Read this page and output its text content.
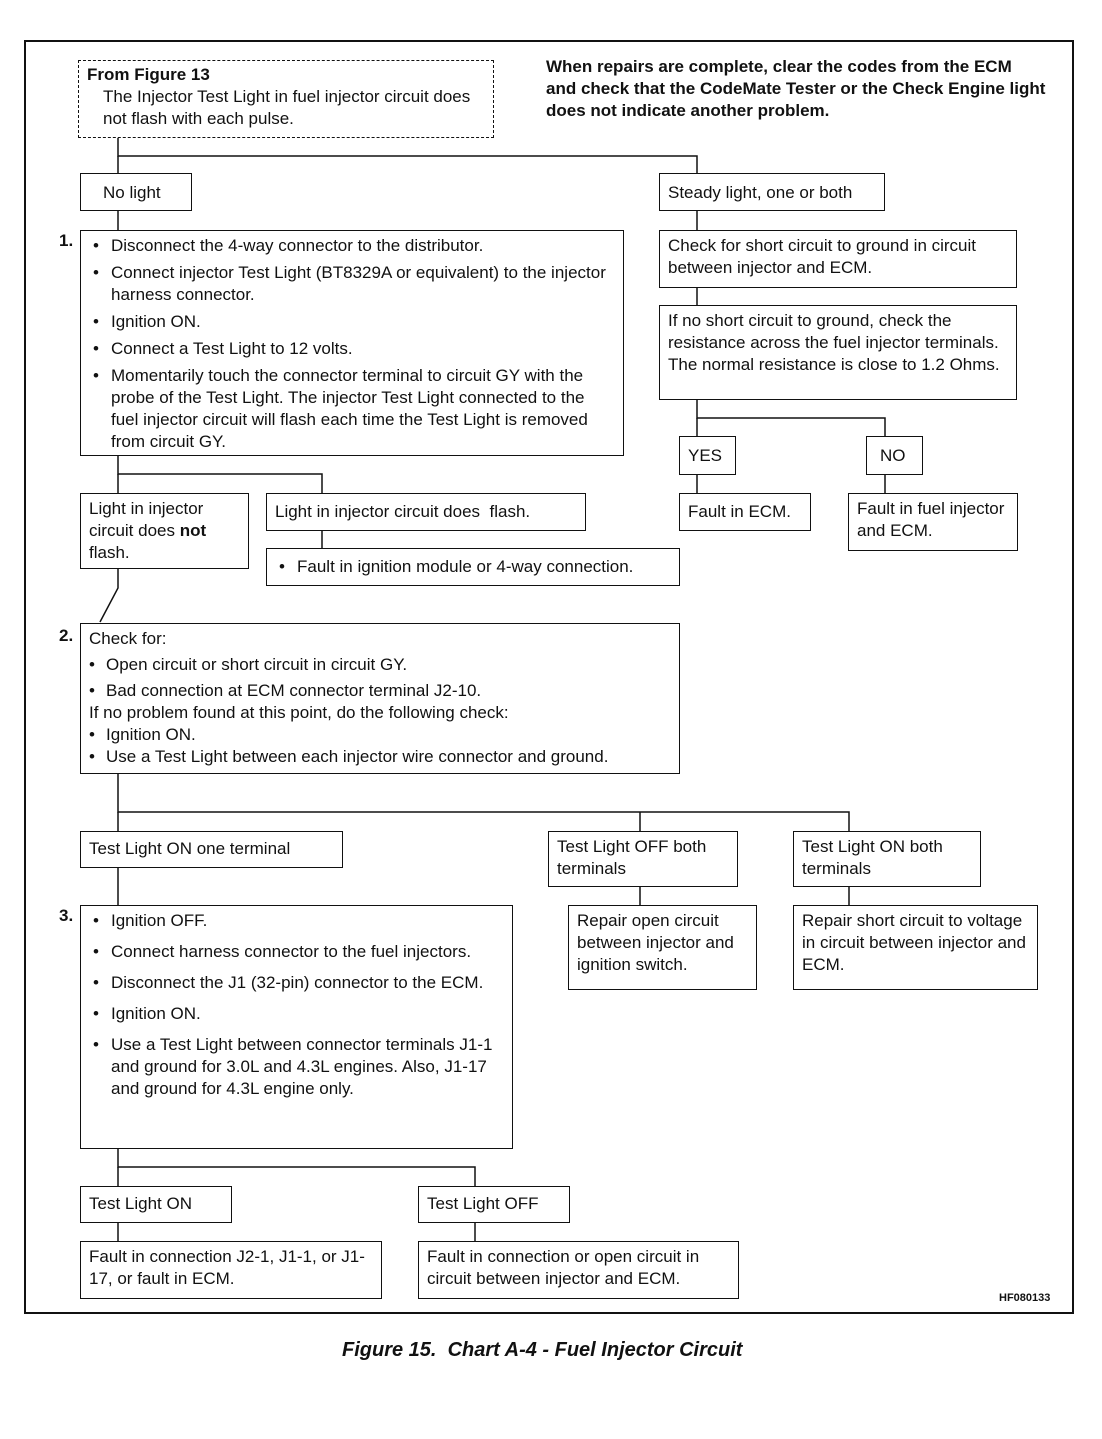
From Figure 13
The Injector Test Light in fuel injector circuit does not flash with each pulse.
When repairs are complete, clear the codes from the ECM and check that the CodeMate Tester or the Check Engine light does not indicate another problem.
No light	Steady light, one or both
1.	• Disconnect the 4-way connector to the distributor.
• Connect injector Test Light (BT8329A or equivalent) to the injector harness connector.
• Ignition ON.
• Connect a Test Light to 12 volts.
• Momentarily touch the connector terminal to circuit GY with the probe of the Test Light. The injector Test Light connected to the fuel injector circuit will flash each time the Test Light is removed from circuit GY.
Check for short circuit to ground in circuit between injector and ECM.
If no short circuit to ground, check the resistance across the fuel injector terminals. The normal resistance is close to 1.2 Ohms.
YES	NO
Fault in ECM.	Fault in fuel injector and ECM.
Light in injector circuit does not flash.
Light in injector circuit does  flash.
• Fault in ignition module or 4-way connection.
2. Check for:
• Open circuit or short circuit in circuit GY.
• Bad connection at ECM connector terminal J2-10.
If no problem found at this point, do the following check:
• Ignition ON.
• Use a Test Light between each injector wire connector and ground.
Test Light ON one terminal	Test Light OFF both terminals
Test Light ON both terminals
Repair open circuit between injector and ignition switch.
Repair short circuit to voltage in circuit between injector and ECM.
3.	• Ignition OFF.
• Connect harness connector to the fuel injectors.
• Disconnect the J1 (32-pin) connector to the ECM.
• Ignition ON.
• Use a Test Light between connector terminals J1-1 and ground for 3.0L and 4.3L engines. Also, J1-17 and ground for 4.3L engine only.
Test Light ON	Test Light OFF
Fault in connection J2-1, J1-1, or J1-17, or fault in ECM.
Fault in connection or open circuit in circuit between injector and ECM.
HF080133
Figure 15.  Chart A-4 - Fuel Injector Circuit
